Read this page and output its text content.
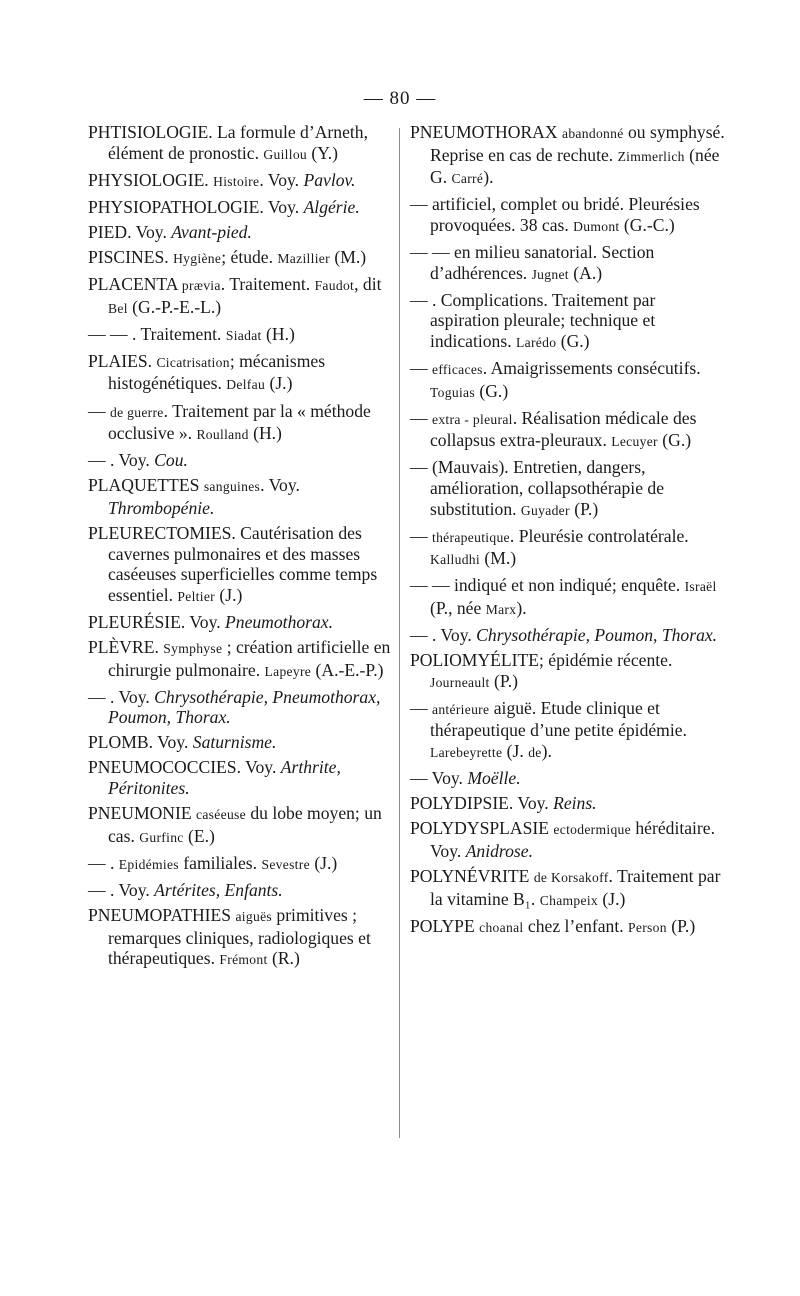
— 80 —
PHTISIOLOGIE. La formule d’Arneth, élément de pronostic. Guillou (Y.)
PHYSIOLOGIE. Histoire. Voy. Pavlov.
PHYSIOPATHOLOGIE. Voy. Algérie.
PIED. Voy. Avant-pied.
PISCINES. Hygiène; étude. Mazillier (M.)
PLACENTA prævia. Traitement. Faudot, dit Bel (G.-P.-E.-L.)
— — . Traitement. Siadat (H.)
PLAIES. Cicatrisation; mécanismes histogénétiques. Delfau (J.)
— de guerre. Traitement par la « méthode occlusive ». Roulland (H.)
— . Voy. Cou.
PLAQUETTES sanguines. Voy. Thrombopénie.
PLEURECTOMIES. Cautérisation des cavernes pulmonaires et des masses caséeuses superficielles comme temps essentiel. Peltier (J.)
PLEURÉSIE. Voy. Pneumothorax.
PLÈVRE. Symphyse ; création artificielle en chirurgie pulmonaire. Lapeyre (A.-E.-P.)
— . Voy. Chrysothérapie, Pneumothorax, Poumon, Thorax.
PLOMB. Voy. Saturnisme.
PNEUMOCOCCIES. Voy. Arthrite, Péritonites.
PNEUMONIE caséeuse du lobe moyen; un cas. Gurfinc (E.)
— . Epidémies familiales. Sevestre (J.)
— . Voy. Artérites, Enfants.
PNEUMOPATHIES aiguës primitives ; remarques cliniques, radiologiques et thérapeutiques. Frémont (R.)
PNEUMOTHORAX abandonné ou symphysé. Reprise en cas de rechute. Zimmerlich (née G. Carré).
— artificiel, complet ou bridé. Pleurésies provoquées. 38 cas. Dumont (G.-C.)
— — en milieu sanatorial. Section d’adhérences. Jugnet (A.)
— . Complications. Traitement par aspiration pleurale; technique et indications. Larédo (G.)
— efficaces. Amaigrissements consécutifs. Toguias (G.)
— extra - pleural. Réalisation médicale des collapsus extra-pleuraux. Lecuyer (G.)
— (Mauvais). Entretien, dangers, amélioration, collapsothérapie de substitution. Guyader (P.)
— thérapeutique. Pleurésie controlatérale. Kalludhi (M.)
— — indiqué et non indiqué; enquête. Israël (P., née Marx).
— . Voy. Chrysothérapie, Poumon, Thorax.
POLIOMYÉLITE; épidémie récente. Journeault (P.)
— antérieure aiguë. Etude clinique et thérapeutique d’une petite épidémie. Larebeyrette (J. de).
— Voy. Moëlle.
POLYDIPSIE. Voy. Reins.
POLYDYSPLASIE ectodermique héréditaire. Voy. Anidrose.
POLYNÉVRITE de Korsakoff. Traitement par la vitamine B₁. Champeix (J.)
POLYPE choanal chez l’enfant. Person (P.)
